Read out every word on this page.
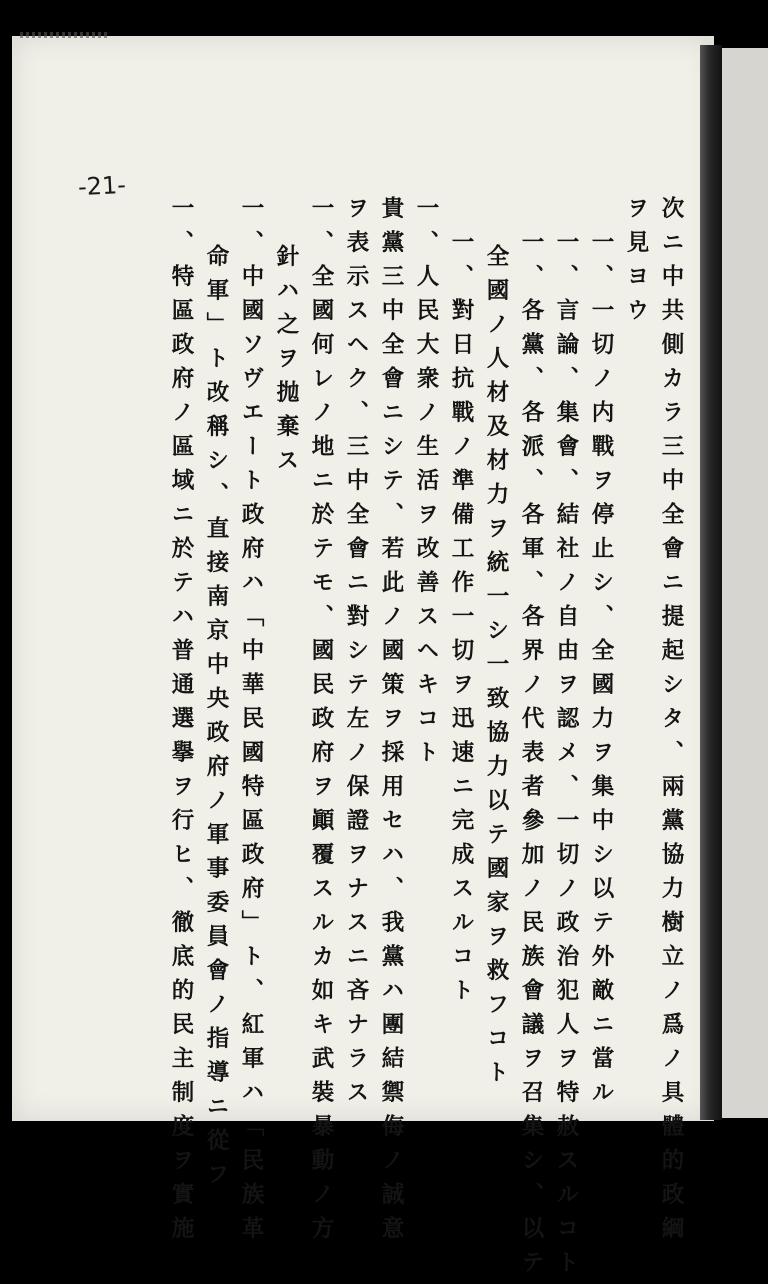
-21-
次ニ中共側カラ三中全會ニ提起シタ、兩黨協力樹立ノ爲ノ具體的政綱
ヲ見ヨウ
一、一切ノ内戰ヲ停止シ、全國力ヲ集中シ以テ外敵ニ當ル
一、言論、集會、結社ノ自由ヲ認メ、一切ノ政治犯人ヲ特赦スルコト
一、各黨、各派、各軍、各界ノ代表者參加ノ民族會議ヲ召集シ、以テ
全國ノ人材及材力ヲ統一シ一致協力以テ國家ヲ救フコト
一、對日抗戰ノ準備工作一切ヲ迅速ニ完成スルコト
一、人民大衆ノ生活ヲ改善スヘキコト
貴黨三中全會ニシテ、若此ノ國策ヲ採用セハ、我黨ハ團結禦侮ノ誠意
ヲ表示スヘク、三中全會ニ對シテ左ノ保證ヲナスニ吝ナラス
一、全國何レノ地ニ於テモ、國民政府ヲ顚覆スルカ如キ武裝暴動ノ方
針ハ之ヲ抛棄ス
一、中國ソヴエート政府ハ「中華民國特區政府」ト、紅軍ハ「民族革
命軍」ト改稱シ、直接南京中央政府ノ軍事委員會ノ指導ニ從フ
一、特區政府ノ區域ニ於テハ普通選擧ヲ行ヒ、徹底的民主制度ヲ實施
